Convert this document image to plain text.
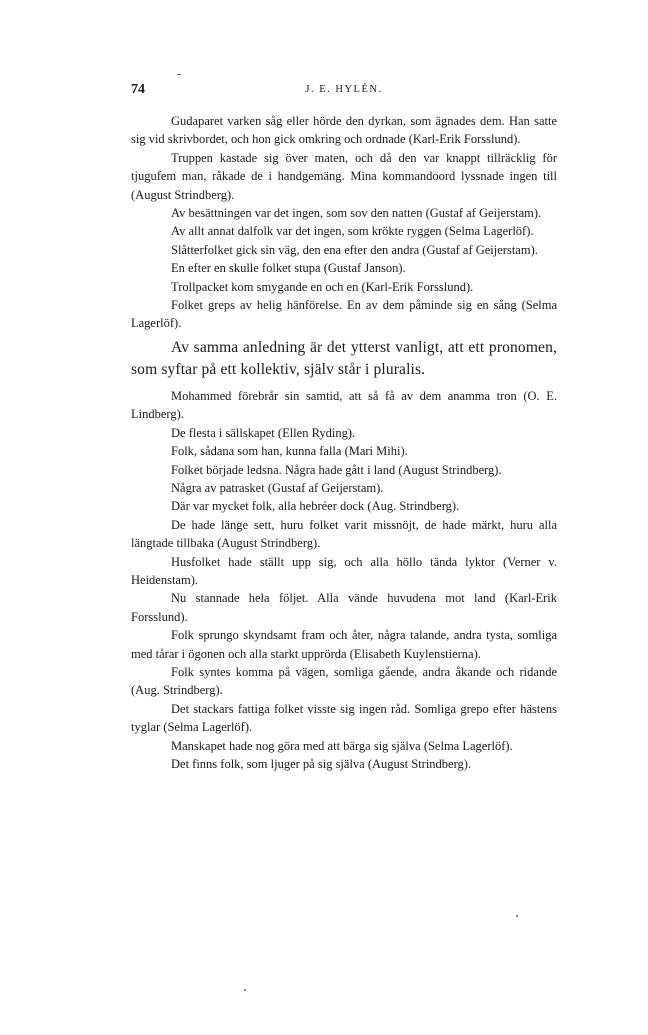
74	J. E. HYLÉN.

Gudaparet varken såg eller hörde den dyrkan, som ägnades dem. Han satte sig vid skrivbordet, och hon gick omkring och ordnade (Karl-Erik Forsslund).

Truppen kastade sig över maten, och då den var knappt tillräcklig för tjugufem man, råkade de i handgemäng. Mina kommandoord lyssnade ingen till (August Strindberg).

Av besättningen var det ingen, som sov den natten (Gustaf af Geijerstam).

Av allt annat dalfolk var det ingen, som krökte ryggen (Selma Lagerlöf).

Slåtterfolket gick sin väg, den ena efter den andra (Gustaf af Geijerstam).

En efter en skulle folket stupa (Gustaf Janson).

Trollpacket kom smygande en och en (Karl-Erik Forsslund).

Folket greps av helig hänförelse. En av dem påminde sig en sång (Selma Lagerlöf).

Av samma anledning är det ytterst vanligt, att ett pronomen, som syftar på ett kollektiv, själv står i pluralis.

Mohammed förebrår sin samtid, att så få av dem anamma tron (O. E. Lindberg).

De flesta i sällskapet (Ellen Ryding).

Folk, sådana som han, kunna falla (Mari Mihi).

Folket började ledsna. Några hade gått i land (August Strindberg).

Några av patrasket (Gustaf af Geijerstam).

Där var mycket folk, alla hebréer dock (Aug. Strindberg).

De hade länge sett, huru folket varit missnöjt, de hade märkt, huru alla längtade tillbaka (August Strindberg).

Husfolket hade ställt upp sig, och alla höllo tända lyktor (Verner v. Heidenstam).

Nu stannade hela följet. Alla vände huvudena mot land (Karl-Erik Forsslund).

Folk sprungo skyndsamt fram och åter, några talande, andra tysta, somliga med tårar i ögonen och alla starkt upprörda (Elisabeth Kuylenstierna).

Folk syntes komma på vägen, somliga gående, andra åkande och ridande (Aug. Strindberg).

Det stackars fattiga folket visste sig ingen råd. Somliga grepo efter hästens tyglar (Selma Lagerlöf).

Manskapet hade nog göra med att bärga sig själva (Selma Lagerlöf).

Det finns folk, som ljuger på sig själva (August Strindberg).
